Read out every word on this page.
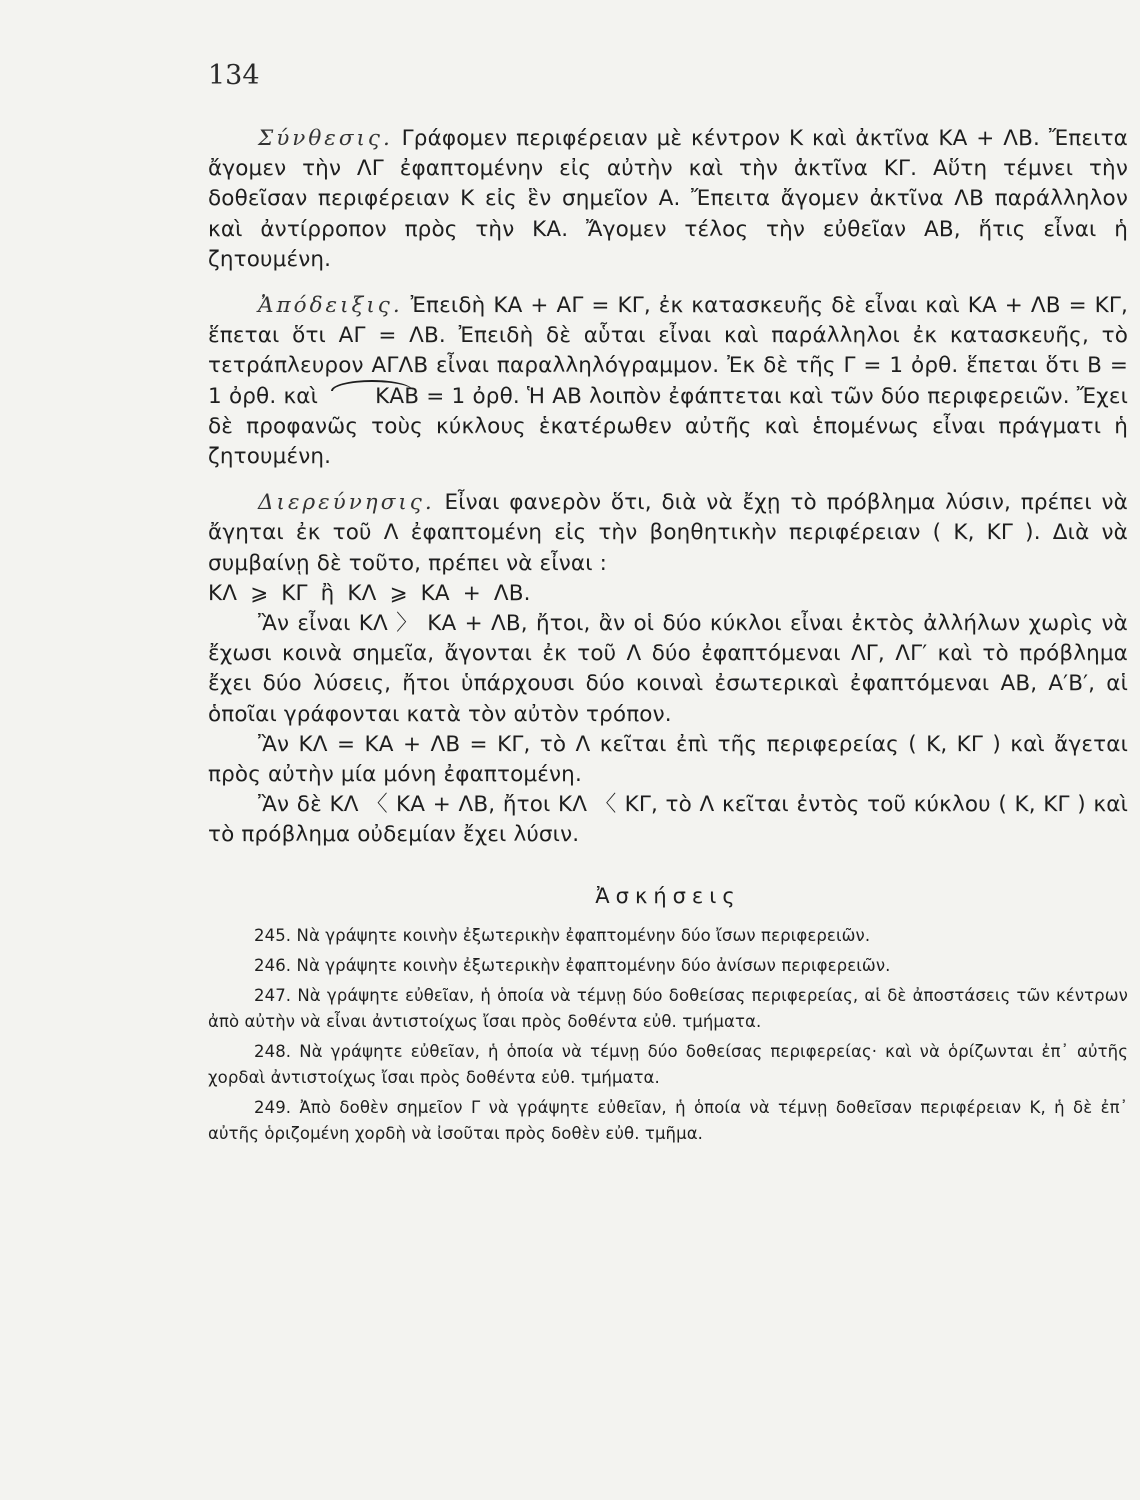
134

Σύνθεσις. Γράφομεν περιφέρειαν μὲ κέντρον Κ καὶ ἀκτῖνα ΚΑ + ΛΒ. Ἔπειτα ἄγομεν τὴν ΛΓ ἐφαπτομένην εἰς αὐτὴν καὶ τὴν ἀκτῖνα ΚΓ. Αὕτη τέμνει τὴν δοθεῖσαν περιφέρειαν Κ εἰς ἓν σημεῖον Α. Ἔπειτα ἄγομεν ἀκτῖνα ΛΒ παράλληλον καὶ ἀντίρροπον πρὸς τὴν ΚΑ. Ἄγομεν τέλος τὴν εὐθεῖαν ΑΒ, ἥτις εἶναι ἡ ζητουμένη.

Ἀπόδειξις. Ἐπειδὴ ΚΑ + ΑΓ = ΚΓ, ἐκ κατασκευῆς δὲ εἶναι καὶ ΚΑ + ΛΒ = ΚΓ, ἕπεται ὅτι ΑΓ = ΛΒ. Ἐπειδὴ δὲ αὗται εἶναι καὶ παράλληλοι ἐκ κατασκευῆς, τὸ τετράπλευρον ΑΓΛΒ εἶναι παραλληλόγραμμον. Ἐκ δὲ τῆς Γ = 1 ὀρθ. ἕπεται ὅτι Β = 1 ὀρθ. καὶ	ΚΑΒ = 1 ὀρθ. Ἡ ΑΒ λοιπὸν ἐφάπτεται καὶ τῶν δύο περιφερειῶν. Ἔχει δὲ προφανῶς τοὺς κύκλους ἑκατέρωθεν αὐτῆς καὶ ἑπομένως εἶναι πράγματι ἡ ζητουμένη.

Διερεύνησις. Εἶναι φανερὸν ὅτι, διὰ νὰ ἔχῃ τὸ πρόβλημα λύσιν, πρέπει νὰ ἄγηται ἐκ τοῦ Λ ἐφαπτομένη εἰς τὴν βοηθητικὴν περιφέρειαν ( Κ, ΚΓ ). Διὰ νὰ συμβαίνῃ δὲ τοῦτο, πρέπει νὰ εἶναι :

ΚΛ ⩾ ΚΓ ἢ ΚΛ ⩾ ΚΑ + ΛΒ.

Ἂν εἶναι ΚΛ 〉 ΚΑ + ΛΒ, ἤτοι, ἂν οἱ δύο κύκλοι εἶναι ἐκτὸς ἀλλήλων χωρὶς νὰ ἔχωσι κοινὰ σημεῖα, ἄγονται ἐκ τοῦ Λ δύο ἐφαπτόμεναι ΛΓ, ΛΓ′ καὶ τὸ πρόβλημα ἔχει δύο λύσεις, ἤτοι ὑπάρχουσι δύο κοιναὶ ἐσωτερικαὶ ἐφαπτόμεναι ΑΒ, Α′Β′, αἱ ὁποῖαι γράφονται κατὰ τὸν αὐτὸν τρόπον.

Ἂν ΚΛ = ΚΑ + ΛΒ = ΚΓ, τὸ Λ κεῖται ἐπὶ τῆς περιφερείας ( Κ, ΚΓ ) καὶ ἄγεται πρὸς αὐτὴν μία μόνη ἐφαπτομένη.

Ἂν δὲ ΚΛ 〈 ΚΑ + ΛΒ, ἤτοι ΚΛ 〈 ΚΓ, τὸ Λ κεῖται ἐντὸς τοῦ κύκλου ( Κ, ΚΓ ) καὶ τὸ πρόβλημα οὐδεμίαν ἔχει λύσιν.

Ἀσκήσεις

245. Νὰ γράψητε κοινὴν ἐξωτερικὴν ἐφαπτομένην δύο ἴσων περιφερειῶν.

246. Νὰ γράψητε κοινὴν ἐξωτερικὴν ἐφαπτομένην δύο ἀνίσων περιφερειῶν.

247. Νὰ γράψητε εὐθεῖαν, ἡ ὁποία νὰ τέμνῃ δύο δοθείσας περιφερείας, αἱ δὲ ἀποστάσεις τῶν κέντρων ἀπὸ αὐτὴν νὰ εἶναι ἀντιστοίχως ἴσαι πρὸς δοθέντα εὐθ. τμήματα.

248. Νὰ γράψητε εὐθεῖαν, ἡ ὁποία νὰ τέμνῃ δύο δοθείσας περιφερείας· καὶ νὰ ὁρίζωνται ἐπ᾽ αὐτῆς χορδαὶ ἀντιστοίχως ἴσαι πρὸς δοθέντα εὐθ. τμήματα.

249. Ἀπὸ δοθὲν σημεῖον Γ νὰ γράψητε εὐθεῖαν, ἡ ὁποία νὰ τέμνῃ δοθεῖσαν περιφέρειαν Κ, ἡ δὲ ἐπ᾽ αὐτῆς ὁριζομένη χορδὴ νὰ ἰσοῦται πρὸς δοθὲν εὐθ. τμῆμα.
